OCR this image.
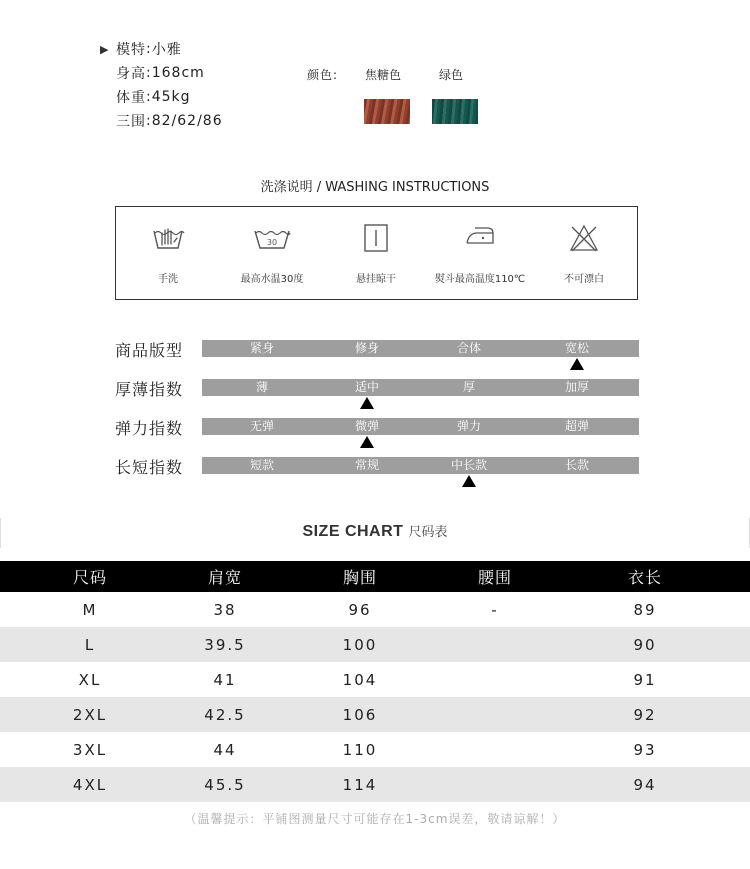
▶ 模特 : 小雅
身高 : 168cm
体重 : 45kg
三围 : 82/62/86
颜色: 焦糖色	绿色
洗涤说明 / WASHING INSTRUCTIONS
手洗
30
最高水温30度	悬挂晾干	熨斗最高温度110℃	不可漂白
商品版型	紧身	修身	合体	宽松
厚薄指数	薄	适中	厚	加厚
弹力指数	无弹	微弹	弹力	超弹
长短指数	短款	常规	中长款	长款
SIZE CHART 尺码表
尺码	肩宽	胸围	腰围	衣长
M	38	96	-	89
L	39.5	100		90
XL	41	104		91
2XL	42.5	106		92
3XL	44	110		93
4XL	45.5	114		94
（温馨提示：平铺图测量尺寸可能存在1-3cm误差，敬请谅解！）
